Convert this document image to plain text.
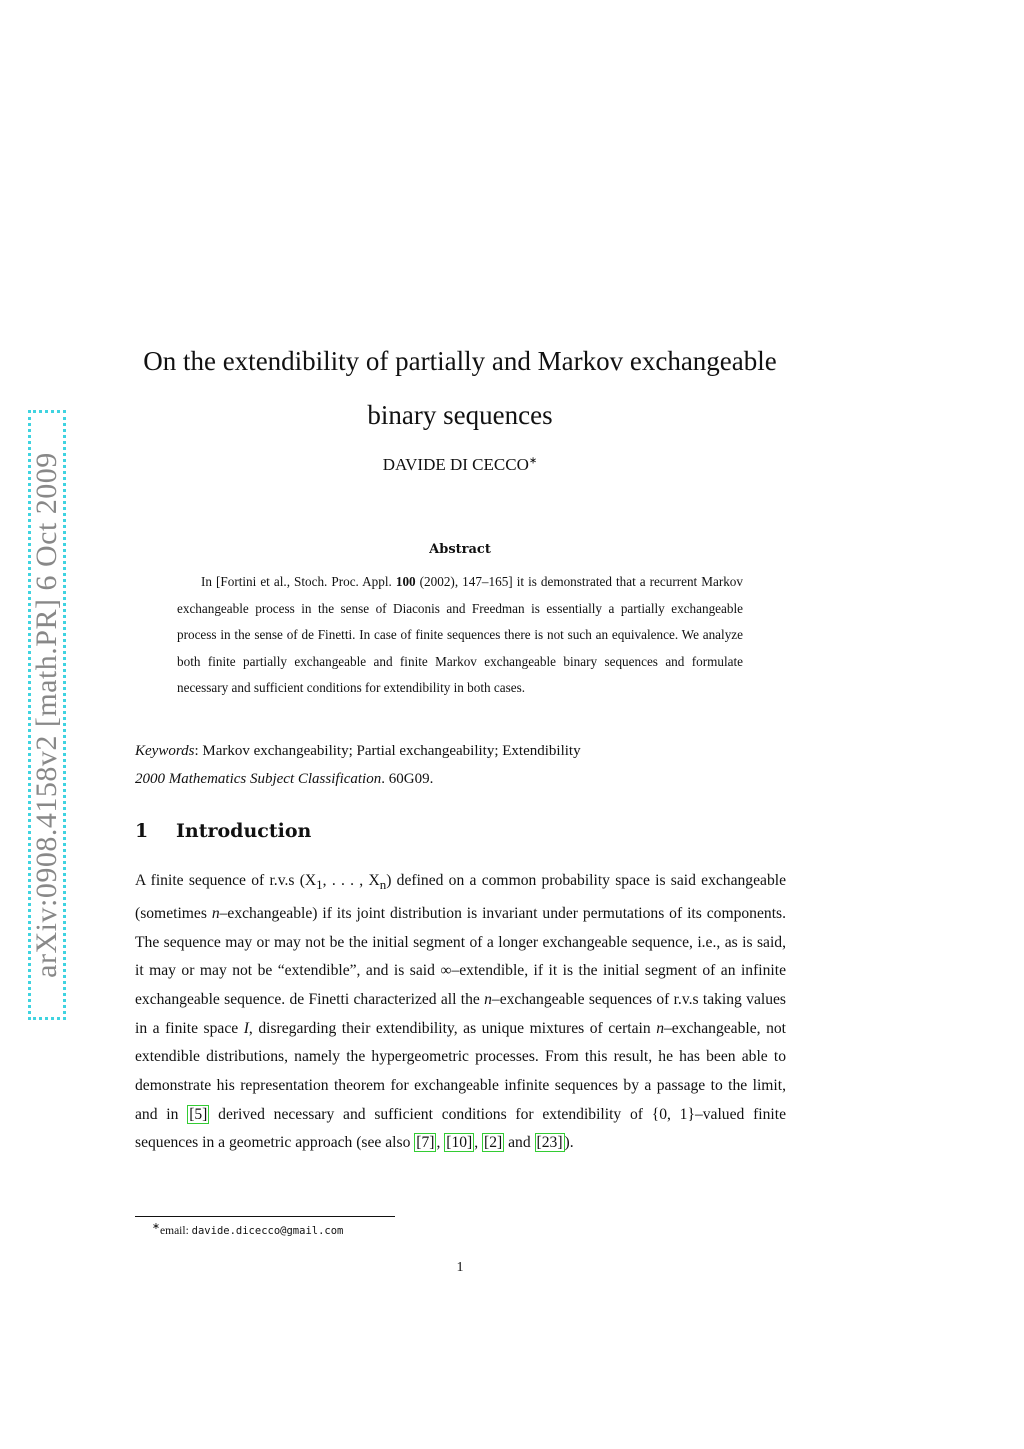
arXiv:0908.4158v2 [math.PR] 6 Oct 2009
On the extendibility of partially and Markov exchangeable binary sequences
DAVIDE DI CECCO∗
Abstract
In [Fortini et al., Stoch. Proc. Appl. 100 (2002), 147–165] it is demonstrated that a recurrent Markov exchangeable process in the sense of Diaconis and Freedman is essentially a partially exchangeable process in the sense of de Finetti. In case of finite sequences there is not such an equivalence. We analyze both finite partially exchangeable and finite Markov exchangeable binary sequences and formulate necessary and sufficient conditions for extendibility in both cases.
Keywords: Markov exchangeability; Partial exchangeability; Extendibility
2000 Mathematics Subject Classification. 60G09.
1 Introduction
A finite sequence of r.v.s ($X_1$, . . . , $X_n$) defined on a common probability space is said exchangeable (sometimes n–exchangeable) if its joint distribution is invariant under permutations of its components. The sequence may or may not be the initial segment of a longer exchangeable sequence, i.e., as is said, it may or may not be “extendible”, and is said ∞–extendible, if it is the initial segment of an infinite exchangeable sequence. de Finetti characterized all the n–exchangeable sequences of r.v.s taking values in a finite space I, disregarding their extendibility, as unique mixtures of certain n–exchangeable, not extendible distributions, namely the hypergeometric processes. From this result, he has been able to demonstrate his representation theorem for exchangeable infinite sequences by a passage to the limit, and in [5] derived necessary and sufficient conditions for extendibility of {0, 1}–valued finite sequences in a geometric approach (see also [7] , [10] , [2] and [23] ).
∗email: davide.dicecco@gmail.com
1
